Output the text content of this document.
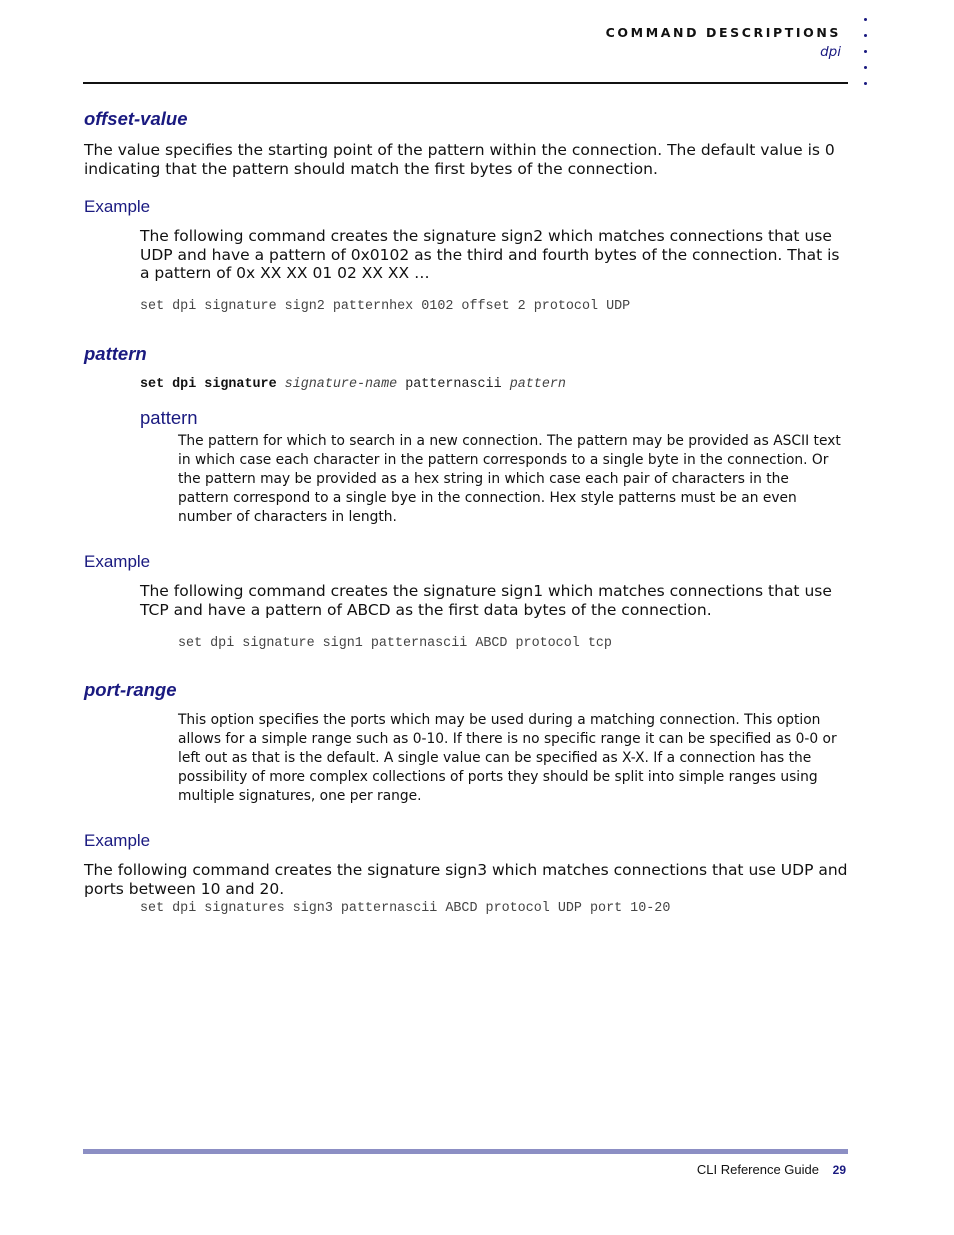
COMMAND DESCRIPTIONS
dpi
offset-value
The value specifies the starting point of the pattern within the connection. The default value is 0 indicating that the pattern should match the first bytes of the connection.
Example
The following command creates the signature sign2 which matches connections that use UDP and have a pattern of 0x0102 as the third and fourth bytes of the connection. That is a pattern of 0x XX XX 01 02 XX XX …
set dpi signature sign2 patternhex 0102 offset 2 protocol UDP
pattern
set dpi signature signature-name patternascii pattern
pattern
The pattern for which to search in a new connection. The pattern may be provided as ASCII text in which case each character in the pattern corresponds to a single byte in the connection. Or the pattern may be provided as a hex string in which case each pair of characters in the pattern correspond to a single bye in the connection. Hex style patterns must be an even number of characters in length.
Example
The following command creates the signature sign1 which matches connections that use TCP and have a pattern of ABCD as the first data bytes of the connection.
set dpi signature sign1 patternascii ABCD protocol tcp
port-range
This option specifies the ports which may be used during a matching connection. This option allows for a simple range such as 0-10. If there is no specific range it can be specified as 0-0 or left out as that is the default. A single value can be specified as X-X. If a connection has the possibility of more complex collections of ports they should be split into simple ranges using multiple signatures, one per range.
Example
The following command creates the signature sign3 which matches connections that use UDP and ports between 10 and 20.
set dpi signatures sign3 patternascii ABCD protocol UDP port 10-20
CLI Reference Guide 29
